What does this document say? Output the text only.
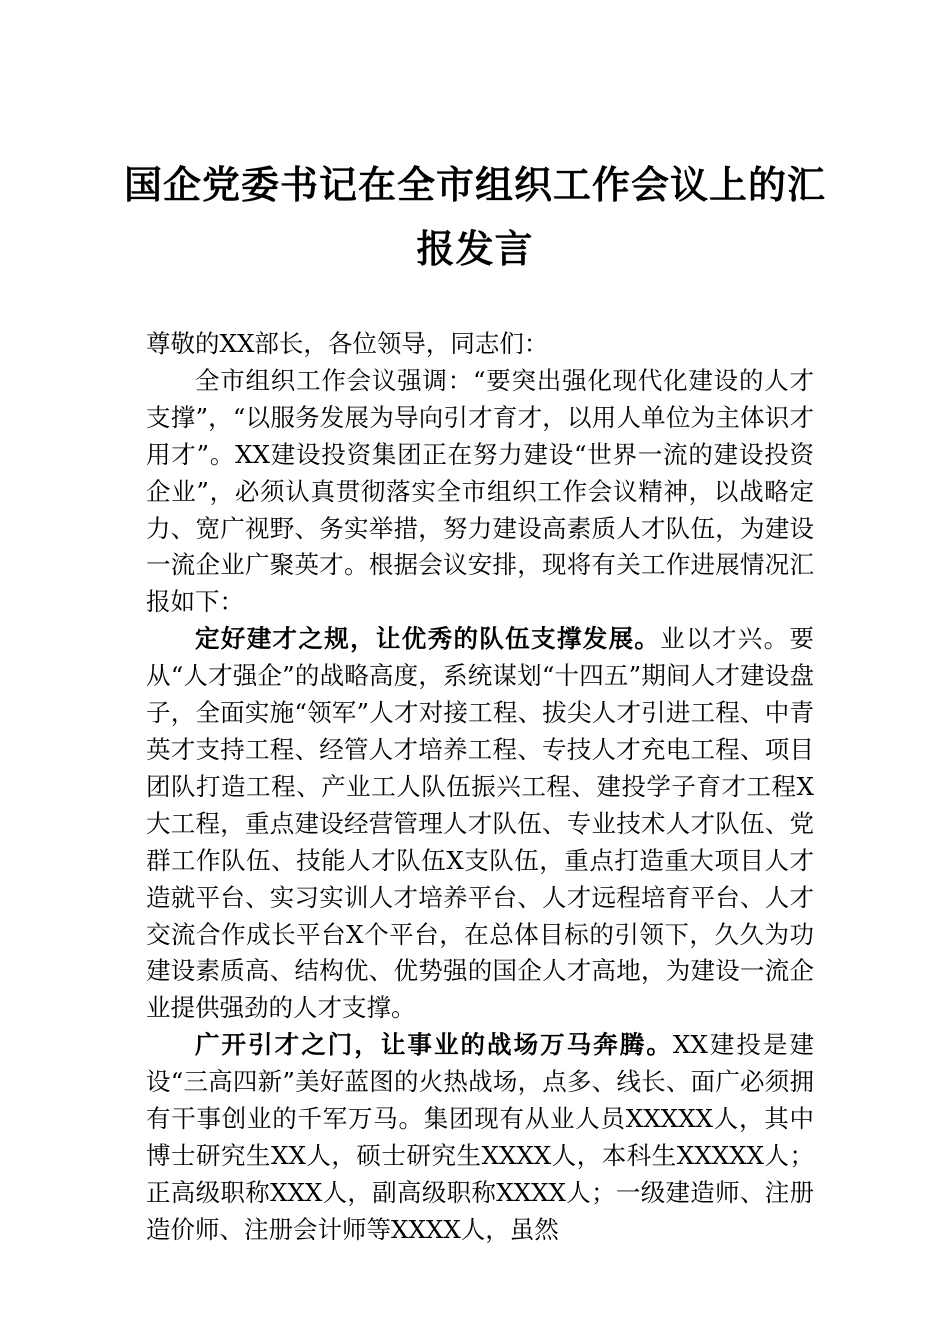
国企党委书记在全市组织工作会议上的汇
报发言

尊敬的XX部长，各位领导，同志们：

全市组织工作会议强调：“要突出强化现代化建设的人才支撑”，“以服务发展为导向引才育才，以用人单位为主体识才用才”。XX建设投资集团正在努力建设“世界一流的建设投资企业”，必须认真贯彻落实全市组织工作会议精神，以战略定力、宽广视野、务实举措，努力建设高素质人才队伍，为建设一流企业广聚英才。根据会议安排，现将有关工作进展情况汇报如下：

定好建才之规，让优秀的队伍支撑发展。业以才兴。要从“人才强企”的战略高度，系统谋划“十四五”期间人才建设盘子，全面实施“领军”人才对接工程、拔尖人才引进工程、中青英才支持工程、经管人才培养工程、专技人才充电工程、项目团队打造工程、产业工人队伍振兴工程、建投学子育才工程X大工程，重点建设经营管理人才队伍、专业技术人才队伍、党群工作队伍、技能人才队伍X支队伍，重点打造重大项目人才造就平台、实习实训人才培养平台、人才远程培育平台、人才交流合作成长平台X个平台，在总体目标的引领下，久久为功建设素质高、结构优、优势强的国企人才高地，为建设一流企业提供强劲的人才支撑。

广开引才之门，让事业的战场万马奔腾。XX建投是建设“三高四新”美好蓝图的火热战场，点多、线长、面广必须拥有干事创业的千军万马。集团现有从业人员XXXXX人，其中博士研究生XX人，硕士研究生XXXX人，本科生XXXXX人；正高级职称XXX人，副高级职称XXXX人；一级建造师、注册造价师、注册会计师等XXXX人，虽然
